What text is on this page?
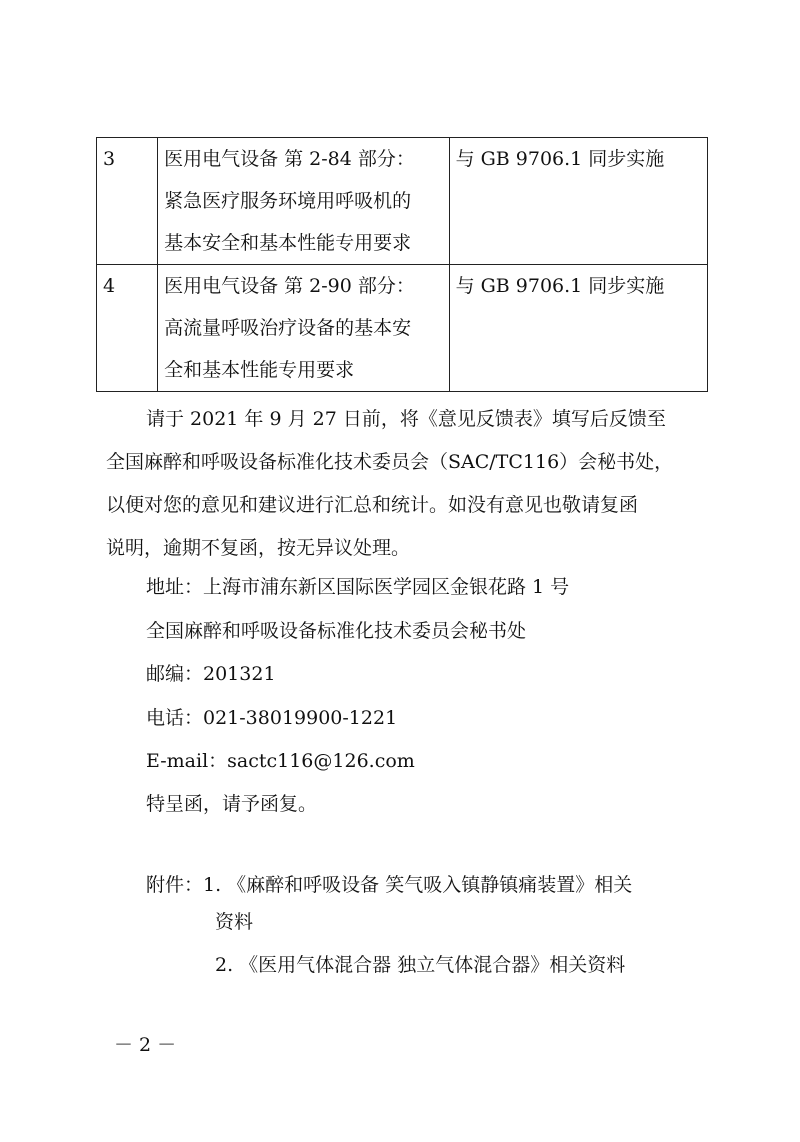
3	医用电气设备 第 2-84 部分：
紧急医疗服务环境用呼吸机的
基本安全和基本性能专用要求	与 GB 9706.1 同步实施
4	医用电气设备 第 2-90 部分：
高流量呼吸治疗设备的基本安
全和基本性能专用要求	与 GB 9706.1 同步实施
请于 2021 年 9 月 27 日前，将《意见反馈表》填写后反馈至
全国麻醉和呼吸设备标准化技术委员会（SAC/TC116）会秘书处，
以便对您的意见和建议进行汇总和统计。如没有意见也敬请复函
说明，逾期不复函，按无异议处理。
地址：上海市浦东新区国际医学园区金银花路 1 号
全国麻醉和呼吸设备标准化技术委员会秘书处
邮编：201321
电话：021-38019900-1221
E-mail：sactc116@126.com
特呈函，请予函复。
附件：1. 《麻醉和呼吸设备 笑气吸入镇静镇痛装置》相关
资料
2. 《医用气体混合器 独立气体混合器》相关资料
－ 2 －
